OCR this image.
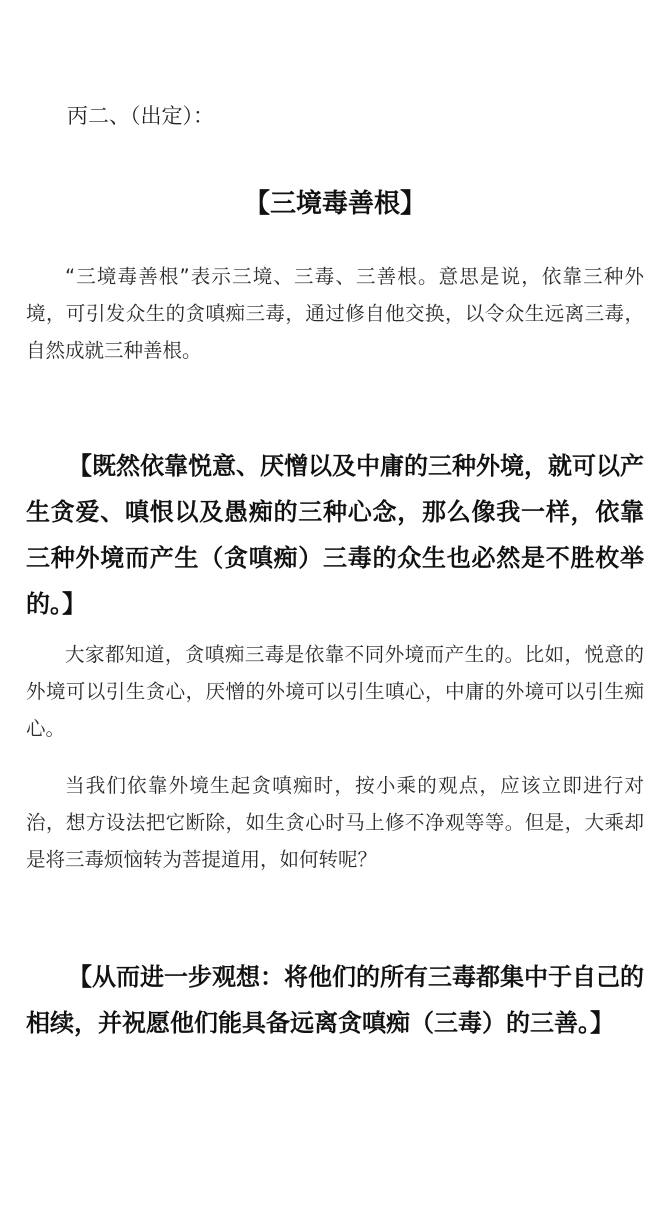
丙二、（出定）：
【三境毒善根】

“三境毒善根”表示三境、三毒、三善根。意思是说，依靠三种外境，可引发众生的贪嗔痴三毒，通过修自他交换，以令众生远离三毒，自然成就三种善根。

【既然依靠悦意、厌憎以及中庸的三种外境，就可以产生贪爱、嗔恨以及愚痴的三种心念，那么像我一样，依靠三种外境而产生（贪嗔痴）三毒的众生也必然是不胜枚举的。】

大家都知道，贪嗔痴三毒是依靠不同外境而产生的。比如，悦意的外境可以引生贪心，厌憎的外境可以引生嗔心，中庸的外境可以引生痴心。

当我们依靠外境生起贪嗔痴时，按小乘的观点，应该立即进行对治，想方设法把它断除，如生贪心时马上修不净观等等。但是，大乘却是将三毒烦恼转为菩提道用，如何转呢？

【从而进一步观想：将他们的所有三毒都集中于自己的相续，并祝愿他们能具备远离贪嗔痴（三毒）的三善。】
